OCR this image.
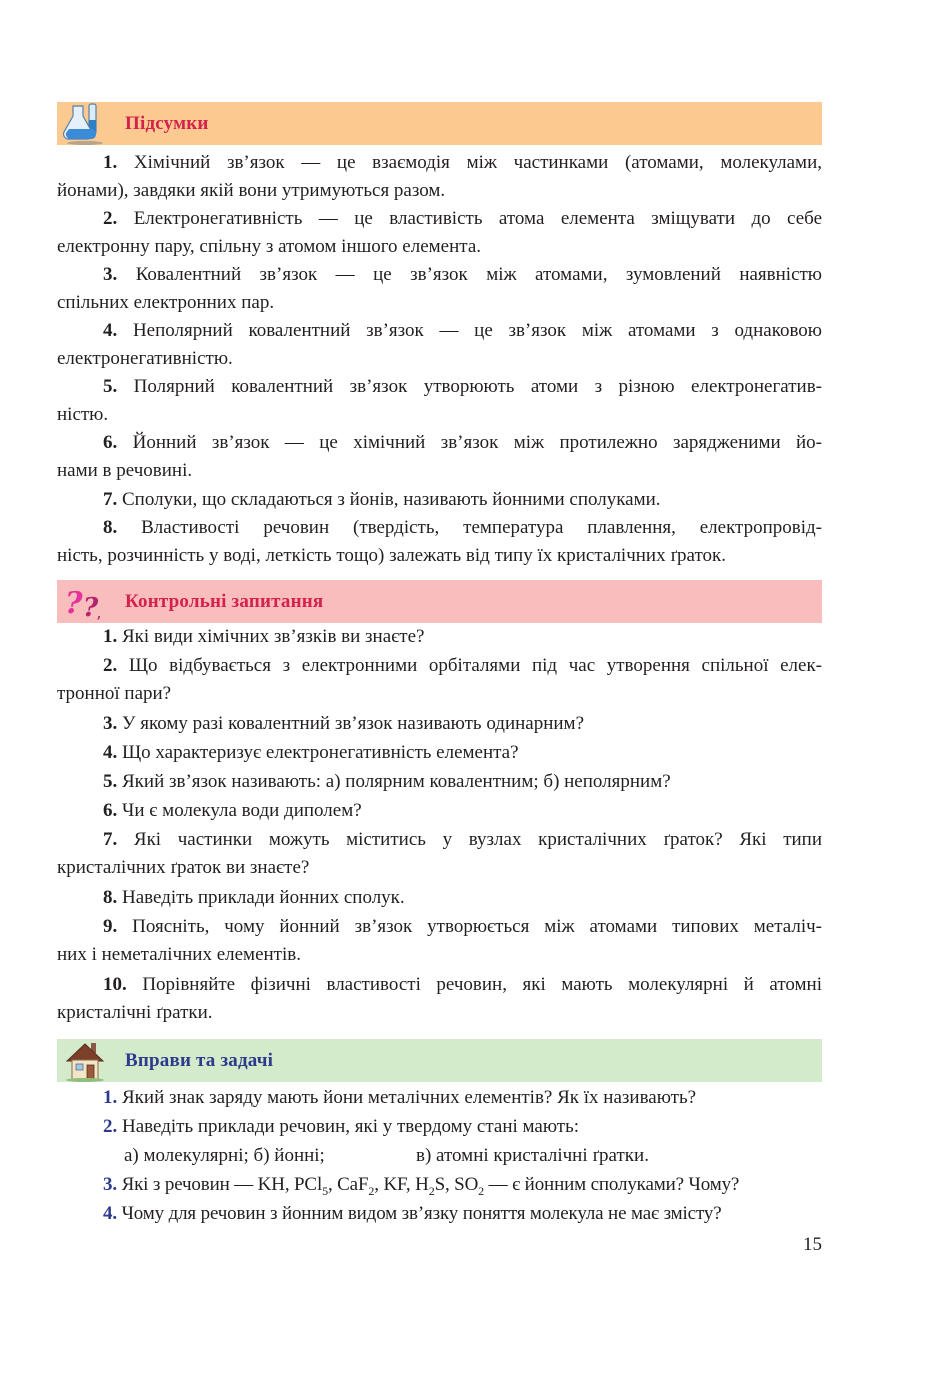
Підсумки
1. Хімічний зв’язок — це взаємодія між частинками (атомами, молекулами,
йонами), завдяки якій вони утримуються разом.
2. Електронегативність — це властивість атома елемента зміщувати до себе
електронну пару, спільну з атомом іншого елемента.
3. Ковалентний зв’язок — це зв’язок між атомами, зумовлений наявністю
спільних електронних пар.
4. Неполярний ковалентний зв’язок — це зв’язок між атомами з однаковою
електронегативністю.
5. Полярний ковалентний зв’язок утворюють атоми з різною електронегатив-
ністю.
6. Йонний зв’язок — це хімічний зв’язок між протилежно зарядженими йо-
нами в речовині.
7. Сполуки, що складаються з йонів, називають йонними сполуками.
8. Властивості речовин (твердість, температура плавлення, електропровід-
ність, розчинність у воді, леткість тощо) залежать від типу їх кристалічних ґраток.
? ?
,
Контрольні запитання
1. Які види хімічних зв’язків ви знаєте?
2. Що відбувається з електронними орбіталями під час утворення спільної елек-
тронної пари?
3. У якому разі ковалентний зв’язок називають одинарним?
4. Що характеризує електронегативність елемента?
5. Який зв’язок називають: а) полярним ковалентним; б) неполярним?
6. Чи є молекула води диполем?
7. Які частинки можуть міститись у вузлах кристалічних ґраток? Які типи
кристалічних ґраток ви знаєте?
8. Наведіть приклади йонних сполук.
9. Поясніть, чому йонний зв’язок утворюється між атомами типових металіч-
них і неметалічних елементів.
10. Порівняйте фізичні властивості речовин, які мають молекулярні й атомні
кристалічні ґратки.
Вправи та задачі
1. Який знак заряду мають йони металічних елементів? Як їх називають?
2. Наведіть приклади речовин, які у твердому стані мають:
а) молекулярні; б) йонні;	в) атомні кристалічні ґратки.
3. Які з речовин — KH, PCl$_5$, CaF$_2$, KF, $H_2S$, $SO_2$ — є йонним сполуками? Чому?
4. Чому для речовин з йонним видом зв’язку поняття молекула не має змісту?
15
